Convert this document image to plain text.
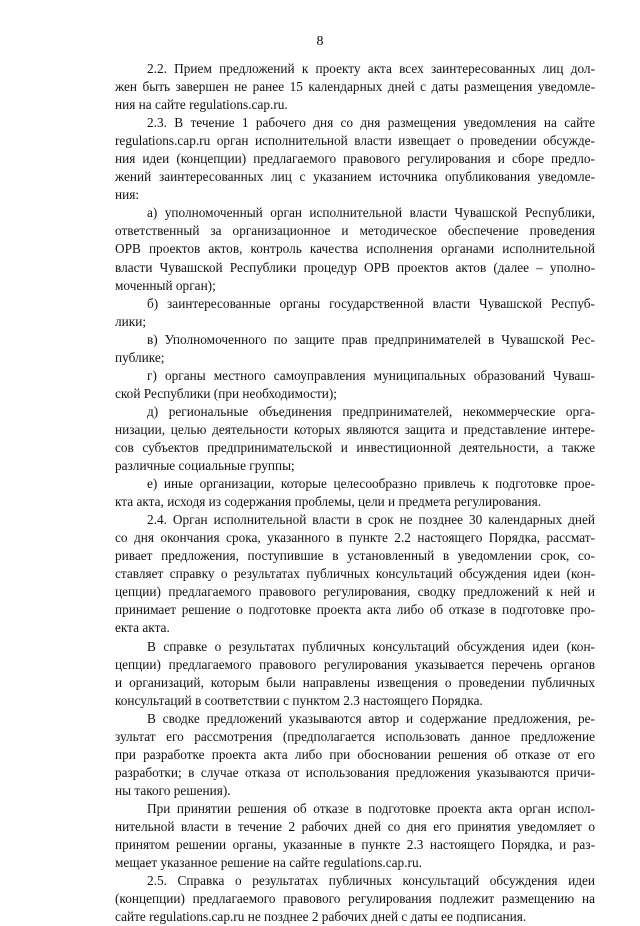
8
2.2. Прием предложений к проекту акта всех заинтересованных лиц дол-
жен быть завершен не ранее 15 календарных дней с даты размещения уведомле-
ния на сайте regulations.cap.ru.
2.3. В течение 1 рабочего дня со дня размещения уведомления на сайте
regulations.cap.ru орган исполнительной власти извещает о проведении обсужде-
ния идеи (концепции) предлагаемого правового регулирования и сборе предло-
жений заинтересованных лиц с указанием источника опубликования уведомле-
ния:
а) уполномоченный орган исполнительной власти Чувашской Республики,
ответственный за организационное и методическое обеспечение проведения
ОРВ проектов актов, контроль качества исполнения органами исполнительной
власти Чувашской Республики процедур ОРВ проектов актов (далее – уполно-
моченный орган);
б) заинтересованные органы государственной власти Чувашской Респуб-
лики;
в) Уполномоченного по защите прав предпринимателей в Чувашской Рес-
публике;
г) органы местного самоуправления муниципальных образований Чуваш-
ской Республики (при необходимости);
д) региональные объединения предпринимателей, некоммерческие орга-
низации, целью деятельности которых являются защита и представление интере-
сов субъектов предпринимательской и инвестиционной деятельности, а также
различные социальные группы;
е) иные организации, которые целесообразно привлечь к подготовке прое-
кта акта, исходя из содержания проблемы, цели и предмета регулирования.
2.4. Орган исполнительной власти в срок не позднее 30 календарных дней
со дня окончания срока, указанного в пункте 2.2 настоящего Порядка, рассмат-
ривает предложения, поступившие в установленный в уведомлении срок, со-
ставляет справку о результатах публичных консультаций обсуждения идеи (кон-
цепции) предлагаемого правового регулирования, сводку предложений к ней и
принимает решение о подготовке проекта акта либо об отказе в подготовке про-
екта акта.
В справке о результатах публичных консультаций обсуждения идеи (кон-
цепции) предлагаемого правового регулирования указывается перечень органов
и организаций, которым были направлены извещения о проведении публичных
консультаций в соответствии с пунктом 2.3 настоящего Порядка.
В сводке предложений указываются автор и содержание предложения, ре-
зультат его рассмотрения (предполагается использовать данное предложение
при разработке проекта акта либо при обосновании решения об отказе от его
разработки; в случае отказа от использования предложения указываются причи-
ны такого решения).
При принятии решения об отказе в подготовке проекта акта орган испол-
нительной власти в течение 2 рабочих дней со дня его принятия уведомляет о
принятом решении органы, указанные в пункте 2.3 настоящего Порядка, и раз-
мещает указанное решение на сайте regulations.cap.ru.
2.5. Справка о результатах публичных консультаций обсуждения идеи
(концепции) предлагаемого правового регулирования подлежит размещению на
сайте regulations.cap.ru не позднее 2 рабочих дней с даты ее подписания.
